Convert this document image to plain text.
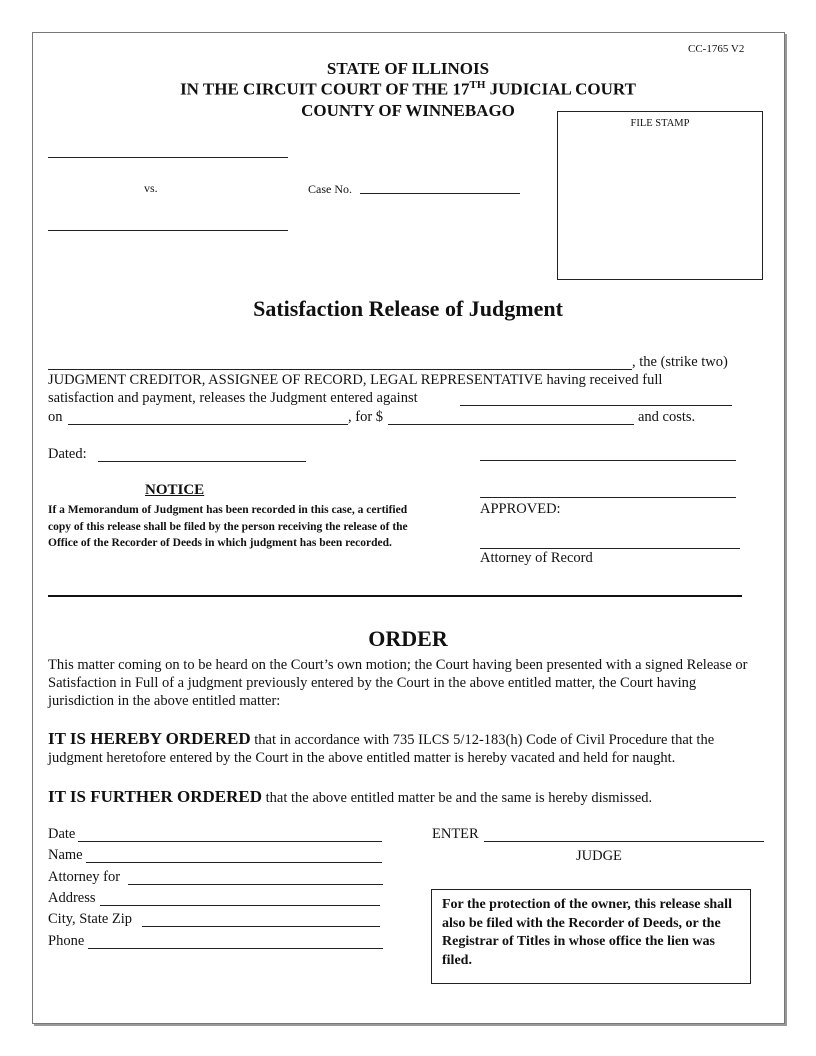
CC-1765 V2
STATE OF ILLINOIS
IN THE CIRCUIT COURT OF THE 17TH JUDICIAL COURT
COUNTY OF WINNEBAGO
FILE STAMP
vs.	Case No.
Satisfaction Release of Judgment
, the (strike two)
JUDGMENT CREDITOR, ASSIGNEE OF RECORD, LEGAL REPRESENTATIVE having received full
satisfaction and payment, releases the Judgment entered against
on	, for $	and costs.
Dated:
NOTICE
If a Memorandum of Judgment has been recorded in this case, a certified copy of this release shall be filed by the person receiving the release of the Office of the Recorder of Deeds in which judgment has been recorded.
APPROVED:
Attorney of Record
ORDER
This matter coming on to be heard on the Court’s own motion; the Court having been presented with a signed Release or Satisfaction in Full of a judgment previously entered by the Court in the above entitled matter, the Court having jurisdiction in the above entitled matter:
IT IS HEREBY ORDERED that in accordance with 735 ILCS 5/12-183(h) Code of Civil Procedure that the judgment heretofore entered by the Court in the above entitled matter is hereby vacated and held for naught.
IT IS FURTHER ORDERED that the above entitled matter be and the same is hereby dismissed.
Date
Name
Attorney for
Address
City, State Zip
Phone
ENTER
JUDGE
For the protection of the owner, this release shall also be filed with the Recorder of Deeds, or the Registrar of Titles in whose office the lien was filed.
